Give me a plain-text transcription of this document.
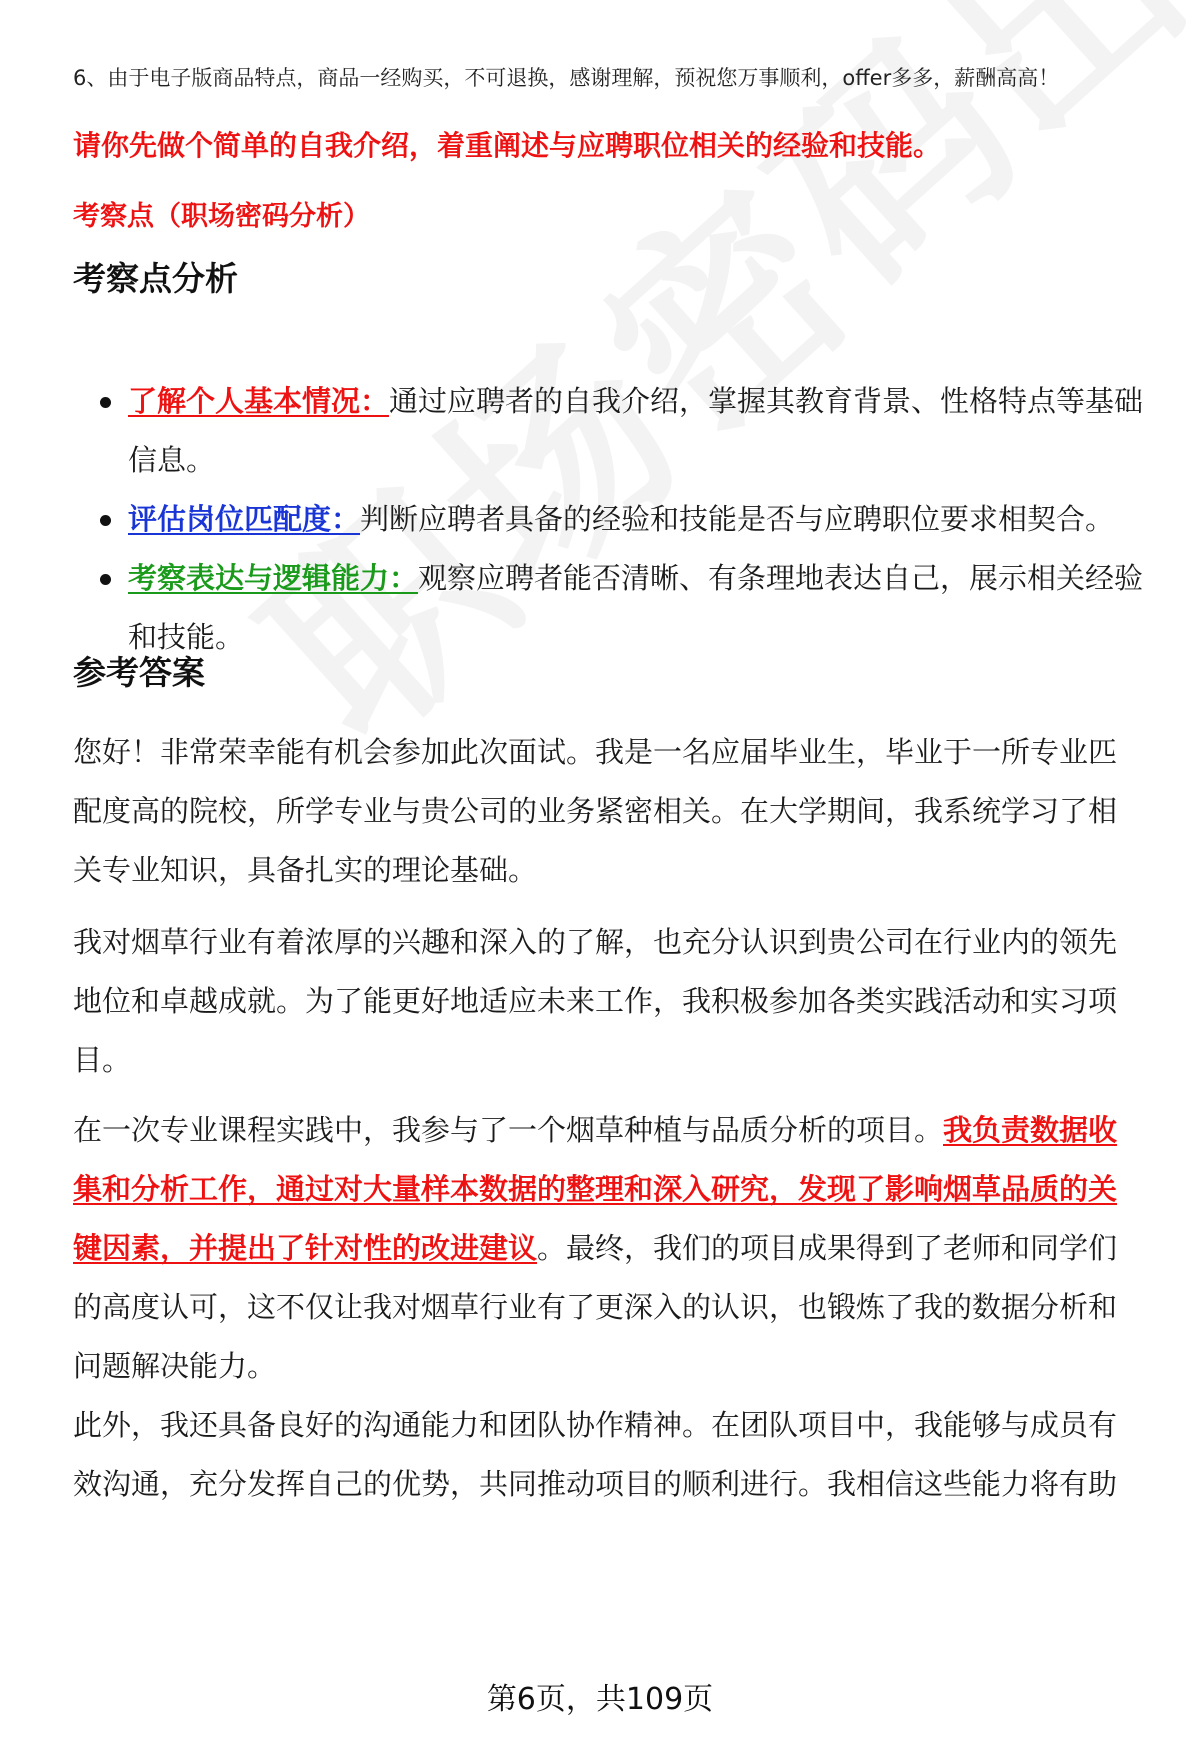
6、由于电子版商品特点，商品一经购买，不可退换，感谢理解，预祝您万事顺利，offer多多，薪酬高高！
请你先做个简单的自我介绍，着重阐述与应聘职位相关的经验和技能。
考察点（职场密码分析）
考察点分析
了解个人基本情况：通过应聘者的自我介绍，掌握其教育背景、性格特点等基础信息。
评估岗位匹配度：判断应聘者具备的经验和技能是否与应聘职位要求相契合。
考察表达与逻辑能力：观察应聘者能否清晰、有条理地表达自己，展示相关经验和技能。
参考答案

您好！非常荣幸能有机会参加此次面试。我是一名应届毕业生，毕业于一所专业匹配度高的院校，所学专业与贵公司的业务紧密相关。在大学期间，我系统学习了相关专业知识，具备扎实的理论基础。

我对烟草行业有着浓厚的兴趣和深入的了解，也充分认识到贵公司在行业内的领先地位和卓越成就。为了能更好地适应未来工作，我积极参加各类实践活动和实习项目。

在一次专业课程实践中，我参与了一个烟草种植与品质分析的项目。我负责数据收集和分析工作，通过对大量样本数据的整理和深入研究，发现了影响烟草品质的关键因素，并提出了针对性的改进建议。最终，我们的项目成果得到了老师和同学们的高度认可，这不仅让我对烟草行业有了更深入的认识，也锻炼了我的数据分析和问题解决能力。

此外，我还具备良好的沟通能力和团队协作精神。在团队项目中，我能够与成员有效沟通，充分发挥自己的优势，共同推动项目的顺利进行。我相信这些能力将有助

第6页，共109页
